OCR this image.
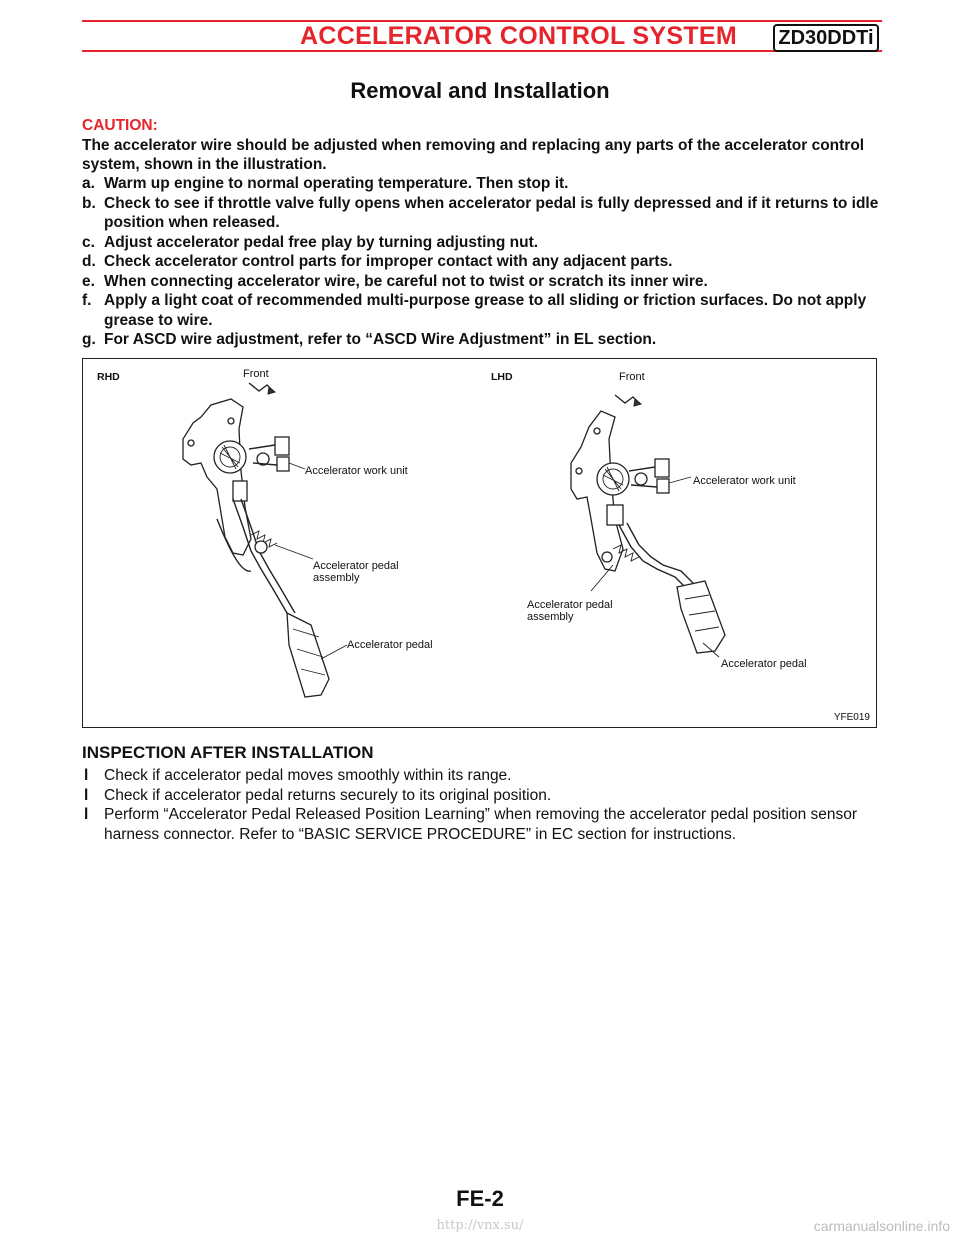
ACCELERATOR CONTROL SYSTEM ZD30DDTi
Removal and Installation
CAUTION:
The accelerator wire should be adjusted when removing and replacing any parts of the accelerator control system, shown in the illustration.
a. Warm up engine to normal operating temperature. Then stop it.
b. Check to see if throttle valve fully opens when accelerator pedal is fully depressed and if it returns to idle position when released.
c. Adjust accelerator pedal free play by turning adjusting nut.
d. Check accelerator control parts for improper contact with any adjacent parts.
e. When connecting accelerator wire, be careful not to twist or scratch its inner wire.
f. Apply a light coat of recommended multi-purpose grease to all sliding or friction surfaces. Do not apply grease to wire.
g. For ASCD wire adjustment, refer to “ASCD Wire Adjustment” in EL section.
RHD	Front
Accelerator work unit
Accelerator pedal
assembly
Accelerator pedal
LHD	Front
Accelerator work unit
Accelerator pedal
assembly
Accelerator pedal
YFE019
INSPECTION AFTER INSTALLATION
l Check if accelerator pedal moves smoothly within its range.
l Check if accelerator pedal returns securely to its original position.
l Perform “Accelerator Pedal Released Position Learning” when removing the accelerator pedal position sensor harness connector. Refer to “BASIC SERVICE PROCEDURE” in EC section for instructions.
FE-2
http://vnx.su/	carmanualsonline.info
